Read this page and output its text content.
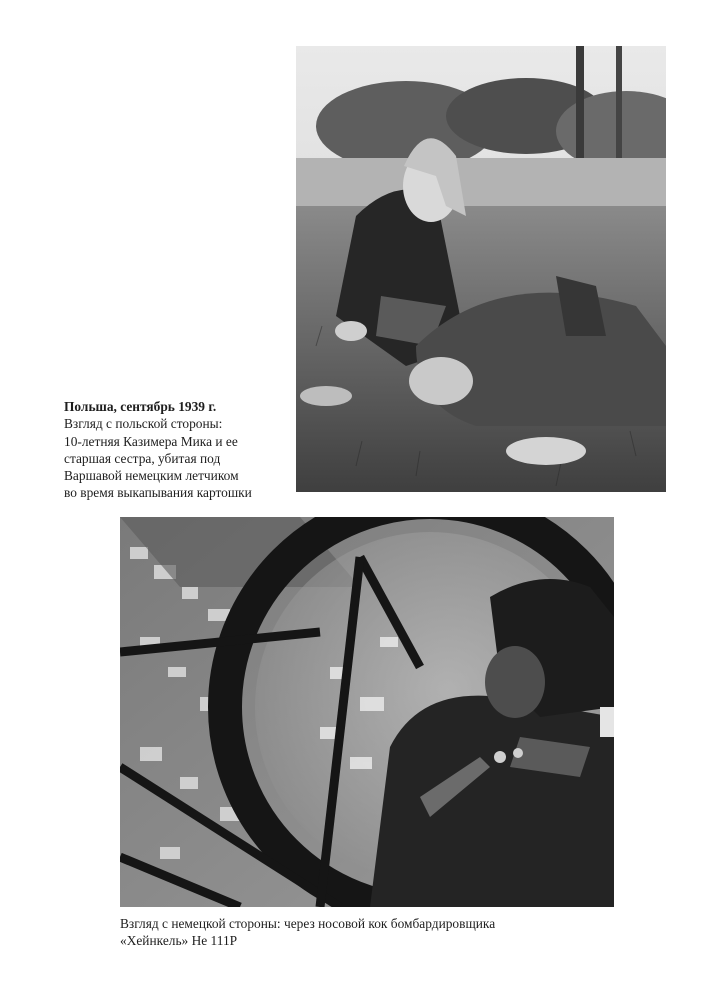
Польша, сентябрь 1939 г.
Взгляд с польской стороны:
10-летняя Казимера Мика и ее
старшая сестра, убитая под
Варшавой немецким летчиком
во время выкапывания картошки
Взгляд с немецкой стороны: через носовой кок бомбардировщика
«Хейнкель» He 111P
